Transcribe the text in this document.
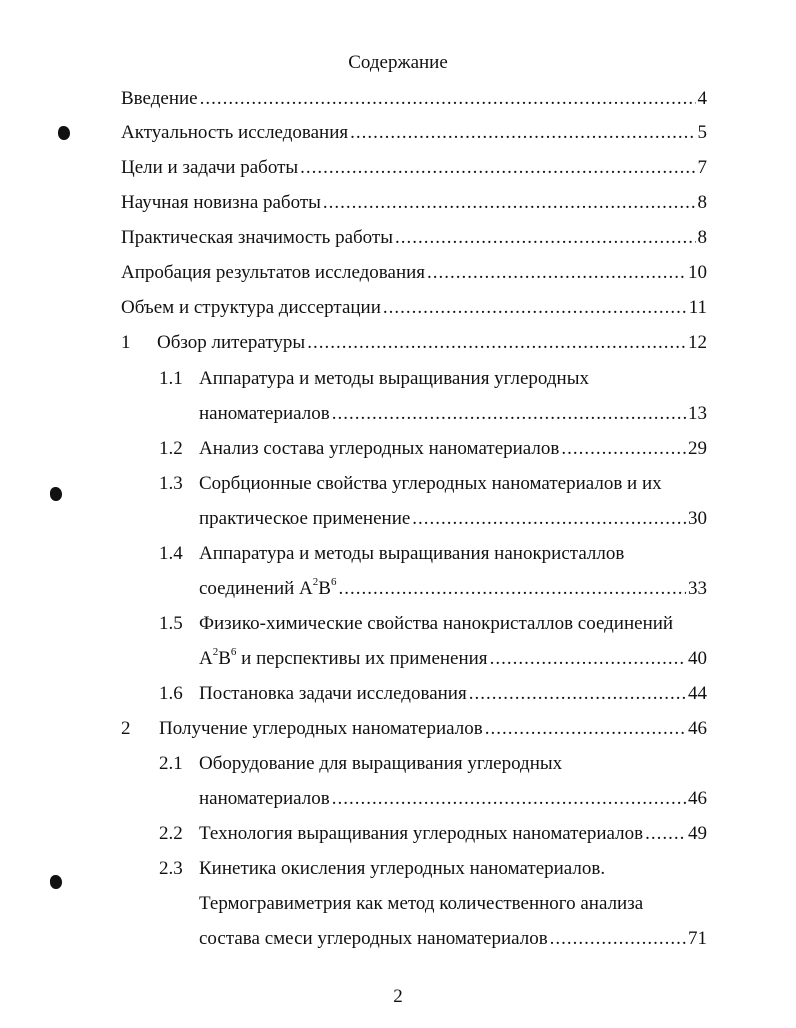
Содержание
Введение .....	4
Актуальность исследования .....	5
Цели и задачи работы .....	7
Научная новизна работы .....	8
Практическая значимость работы .....	8
Апробация результатов исследования .....	10
Объем и структура диссертации .....	11
1	Обзор литературы .....	12
1.1 Аппаратура и методы выращивания углеродных
наноматериалов .....	13
1.2 Анализ состава углеродных наноматериалов .....	29
1.3 Сорбционные свойства углеродных наноматериалов и их
практическое применение .....	30
1.4 Аппаратура и методы выращивания нанокристаллов
соединений $A^2B^6$ .....	33
1.5 Физико-химические свойства нанокристаллов соединений
$A^2B^6$ и перспективы их применения .....	40
1.6 Постановка задачи исследования .....	44
2	Получение углеродных наноматериалов .....	46
2.1 Оборудование для выращивания углеродных
наноматериалов .....	46
2.2 Технология выращивания углеродных наноматериалов ..... 49
2.3 Кинетика окисления углеродных наноматериалов.
Термогравиметрия как метод количественного анализа
состава смеси углеродных наноматериалов .....	71
2
